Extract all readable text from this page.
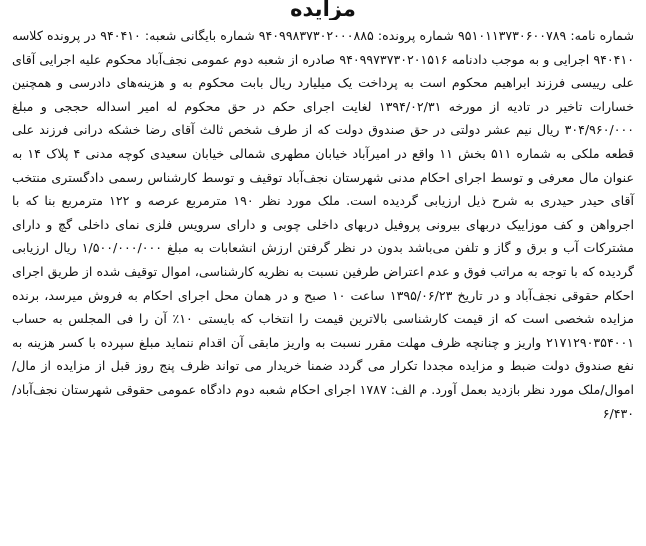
مزایده

شماره نامه: ۹۵۱۰۱۱۳۷۳۰۶۰۰۷۸۹ شماره پرونده: ۹۴۰۹۹۸۳۷۳۰۲۰۰۰۸۸۵ شماره بایگانی شعبه: ۹۴۰۴۱۰ در پرونده کلاسه ۹۴۰۴۱۰ اجرایی و به موجب دادنامه ۹۴۰۹۹۷۳۷۳۰۲۰۱۵۱۶ صادره از شعبه دوم عمومی نجف‌آباد محکوم علیه اجرایی آقای علی رییسی فرزند ابراهیم محکوم است به پرداخت یک میلیارد ریال بابت محکوم به و هزینه‌های دادرسی و همچنین خسارات تاخیر در تادیه از مورخه ۱۳۹۴/۰۲/۳۱ لغایت اجرای حکم در حق محکوم له امیر اسداله حججی و مبلغ ۳۰۴/۹۶۰/۰۰۰ ریال نیم عشر دولتی در حق صندوق دولت که از طرف شخص ثالث آقای رضا خشکه درانی فرزند علی قطعه ملکی به شماره ۵۱۱ بخش ۱۱ واقع در امیرآباد خیابان مطهری شمالی خیابان سعیدی کوچه مدنی ۴ پلاک ۱۴ به عنوان مال معرفی و توسط اجرای احکام مدنی شهرستان نجف‌آباد توقیف و توسط کارشناس رسمی دادگستری منتخب آقای حیدر حیدری به شرح ذیل ارزیابی گردیده است. ملک مورد نظر ۱۹۰ مترمربع عرصه و ۱۲۲ مترمربع بنا که با اجرواهن و کف موزاییک دربهای بیرونی پروفیل دربهای داخلی چوبی و دارای سرویس فلزی نمای داخلی گچ و دارای مشترکات آب و برق و گاز و تلفن می‌باشد بدون در نظر گرفتن ارزش انشعابات به مبلغ ۱/۵۰۰/۰۰۰/۰۰۰ ریال ارزیابی گردیده که با توجه به مراتب فوق و عدم اعتراض طرفین نسبت به نظریه کارشناسی، اموال توقیف شده از طریق اجرای احکام حقوقی نجف‌آباد و در تاریخ ۱۳۹۵/۰۶/۲۳ ساعت ۱۰ صبح و در همان محل اجرای احکام به فروش میرسد، برنده مزایده شخصی است که از قیمت کارشناسی بالاترین قیمت را انتخاب که بایستی ۱۰٪ آن را فی المجلس به حساب ۲۱۷۱۲۹۰۳۵۴۰۰۱ واریز و چنانچه ظرف مهلت مقرر نسبت به واریز مابقی آن اقدام ننماید مبلغ سپرده با کسر هزینه به نفع صندوق دولت ضبط و مزایده مجددا تکرار می گردد ضمنا خریدار می تواند ظرف پنج روز قبل از مزایده از مال/اموال/ملک مورد نظر بازدید بعمل آورد. م الف: ۱۷۸۷ اجرای احکام شعبه دوم دادگاه عمومی حقوقی شهرستان نجف‌آباد/۶/۴۳۰
